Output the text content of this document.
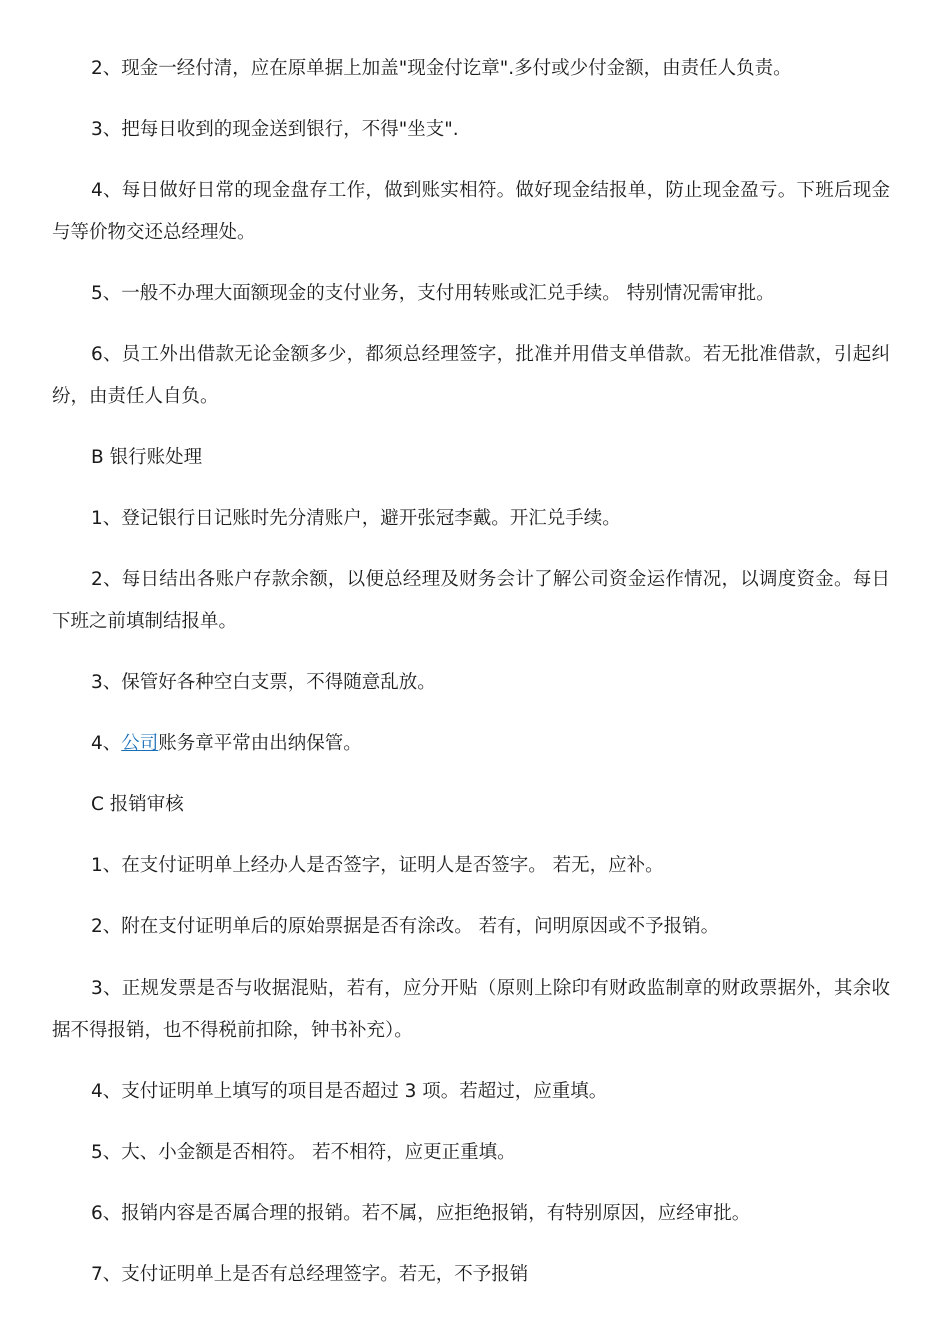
2、现金一经付清，应在原单据上加盖"现金付讫章".多付或少付金额，由责任人负责。

3、把每日收到的现金送到银行，不得"坐支".

4、每日做好日常的现金盘存工作，做到账实相符。做好现金结报单，防止现金盈亏。下班后现金与等价物交还总经理处。

5、一般不办理大面额现金的支付业务，支付用转账或汇兑手续。 特别情况需审批。

6、员工外出借款无论金额多少，都须总经理签字，批准并用借支单借款。若无批准借款，引起纠纷，由责任人自负。

B 银行账处理

1、登记银行日记账时先分清账户，避开张冠李戴。开汇兑手续。

2、每日结出各账户存款余额，以便总经理及财务会计了解公司资金运作情况，以调度资金。每日下班之前填制结报单。

3、保管好各种空白支票，不得随意乱放。

4、公司账务章平常由出纳保管。

C 报销审核

1、在支付证明单上经办人是否签字，证明人是否签字。 若无，应补。

2、附在支付证明单后的原始票据是否有涂改。 若有，问明原因或不予报销。

3、正规发票是否与收据混贴，若有，应分开贴（原则上除印有财政监制章的财政票据外，其余收据不得报销，也不得税前扣除，钟书补充）。

4、支付证明单上填写的项目是否超过 3 项。若超过，应重填。

5、大、小金额是否相符。 若不相符，应更正重填。

6、报销内容是否属合理的报销。若不属，应拒绝报销，有特别原因，应经审批。

7、支付证明单上是否有总经理签字。若无，不予报销
